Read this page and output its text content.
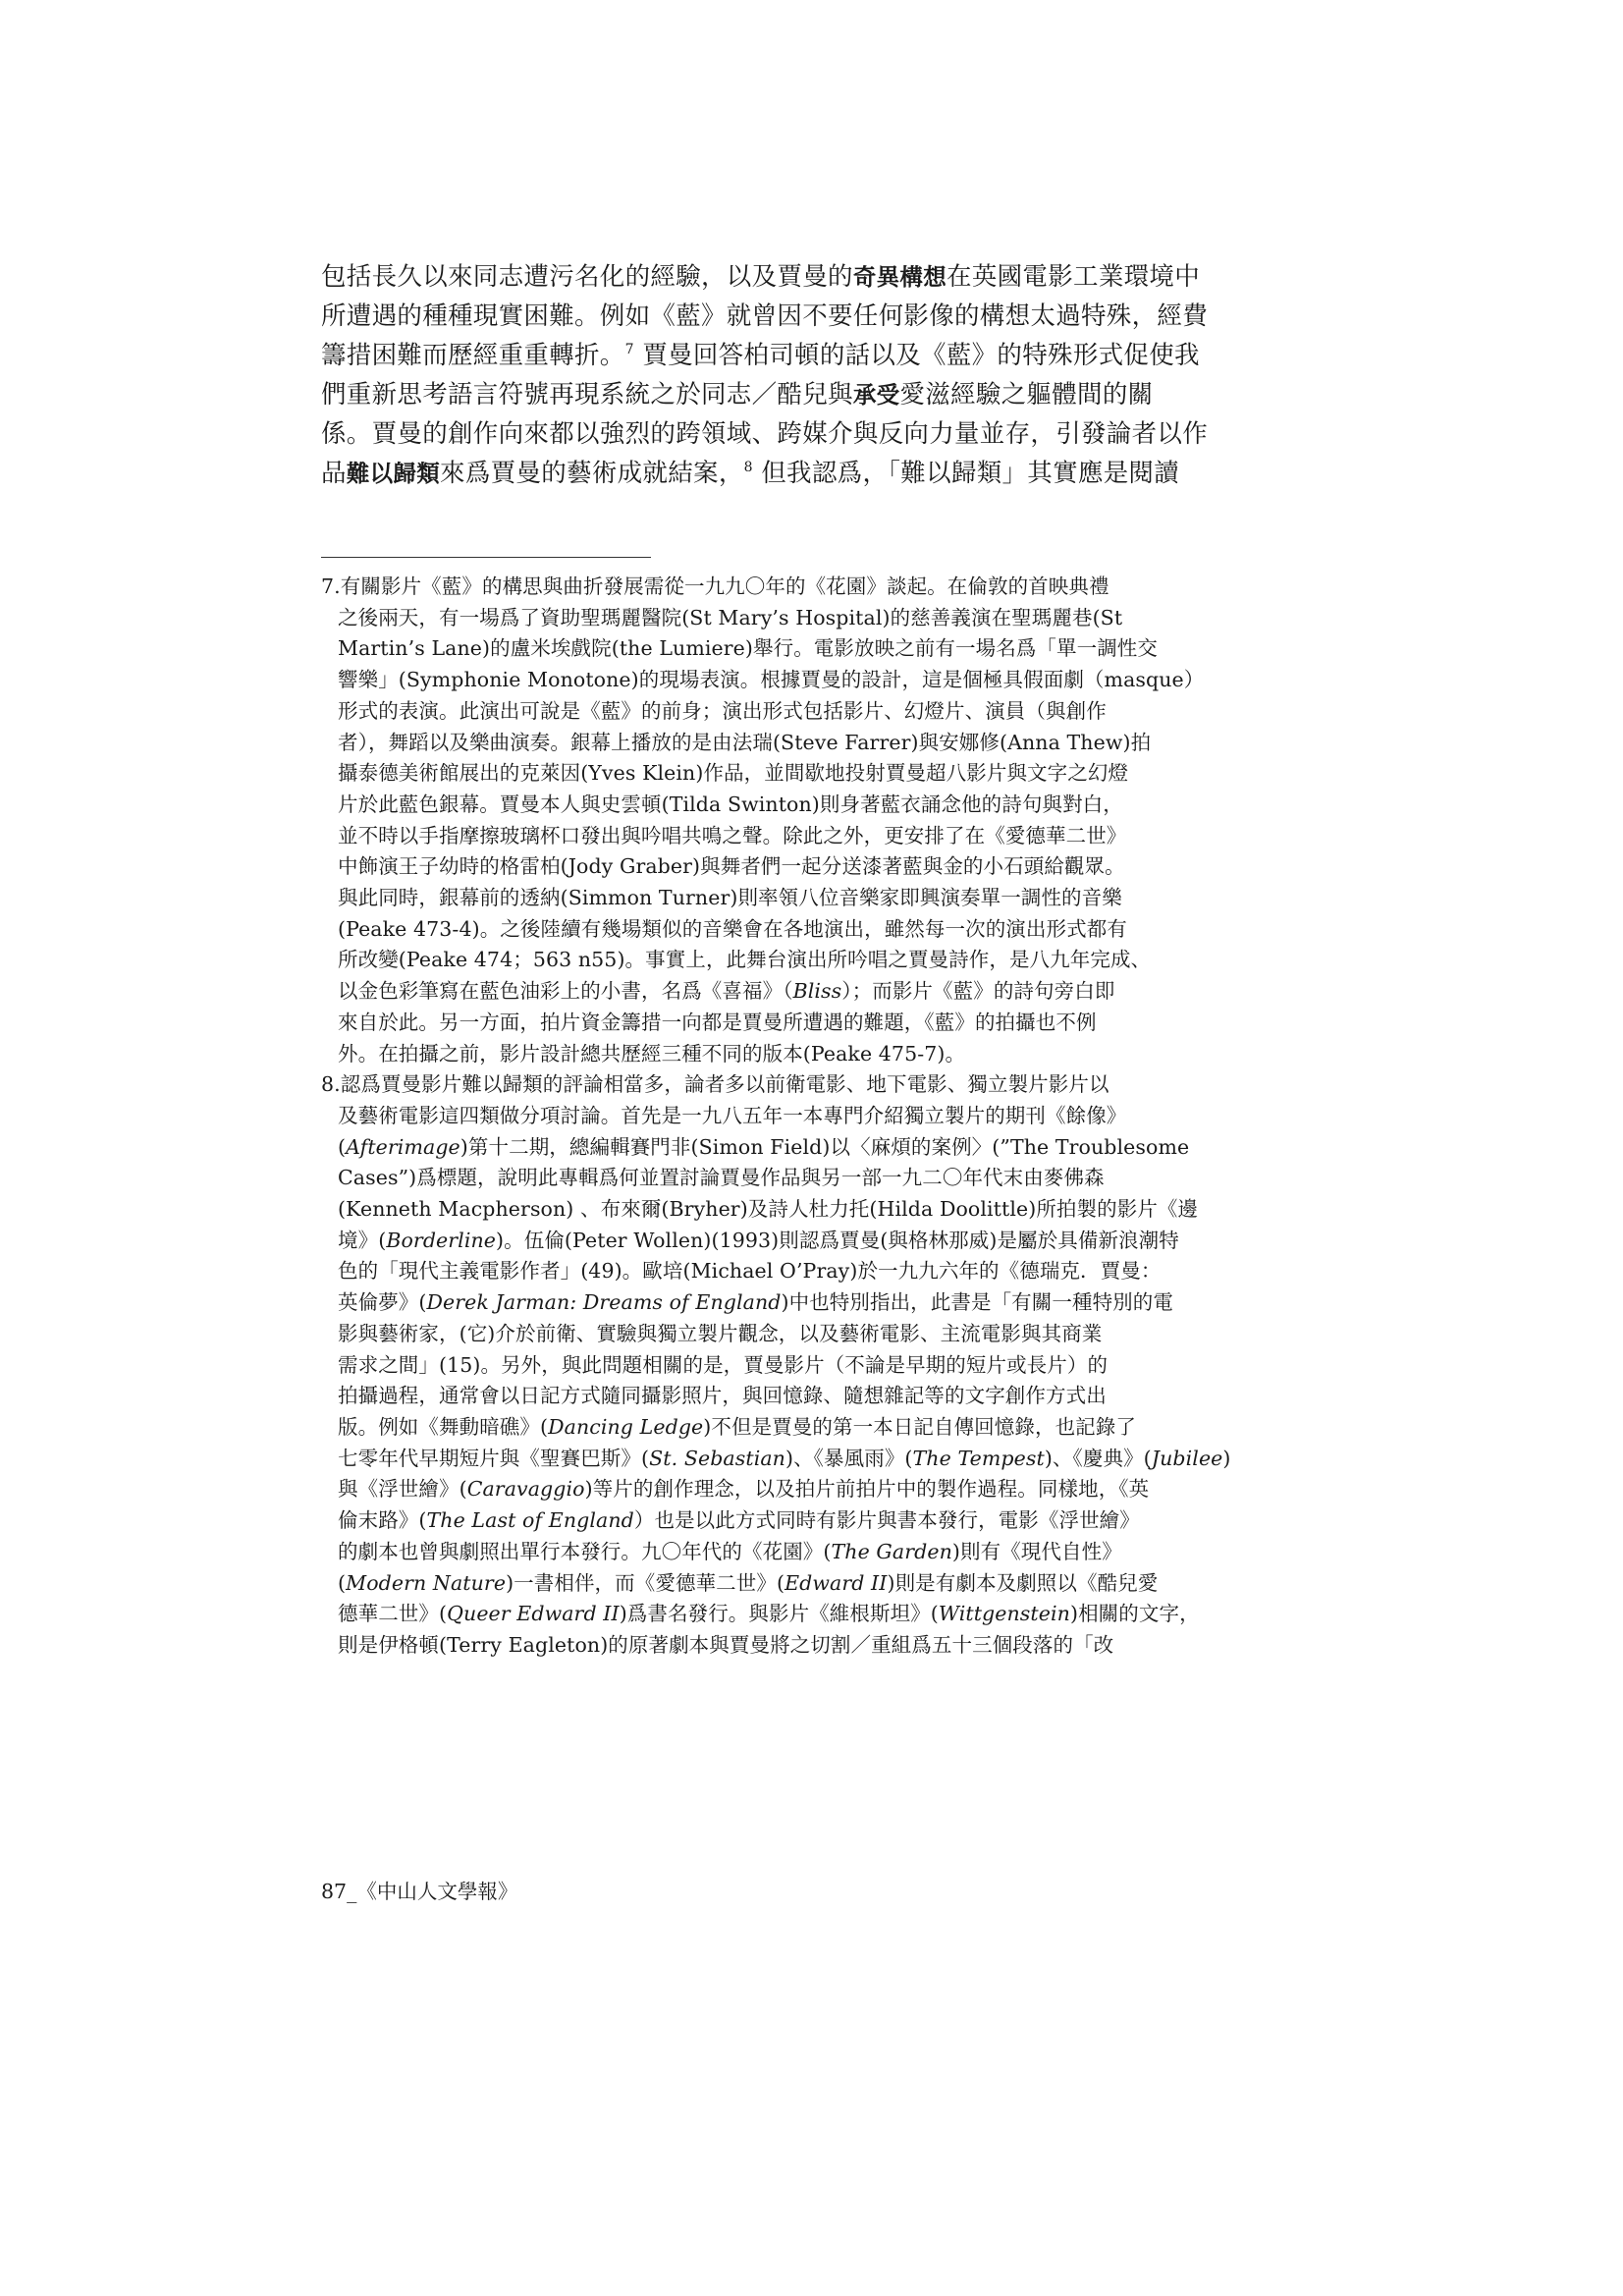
包括長久以來同志遭污名化的經驗，以及賈曼的奇異構想在英國電影工業環境中
所遭遇的種種現實困難。例如《藍》就曾因不要任何影像的構想太過特殊，經費
籌措困難而歷經重重轉折。$^7$ 賈曼回答柏司頓的話以及《藍》的特殊形式促使我
們重新思考語言符號再現系統之於同志／酷兒與承受愛滋經驗之軀體間的關
係。賈曼的創作向來都以強烈的跨領域、跨媒介與反向力量並存，引發論者以作
品難以歸類來爲賈曼的藝術成就結案，$^8$ 但我認爲，「難以歸類」其實應是閱讀
7.有關影片《藍》的構思與曲折發展需從一九九〇年的《花園》談起。在倫敦的首映典禮
之後兩天，有一場爲了資助聖瑪麗醫院(St Mary’s Hospital)的慈善義演在聖瑪麗巷(St
Martin’s Lane)的盧米埃戲院(the Lumiere)舉行。電影放映之前有一場名爲「單一調性交
響樂」(Symphonie Monotone)的現場表演。根據賈曼的設計，這是個極具假面劇（masque）
形式的表演。此演出可說是《藍》的前身；演出形式包括影片、幻燈片、演員（與創作
者），舞蹈以及樂曲演奏。銀幕上播放的是由法瑞(Steve Farrer)與安娜修(Anna Thew)拍
攝泰德美術館展出的克萊因(Yves Klein)作品，並間歇地投射賈曼超八影片與文字之幻燈
片於此藍色銀幕。賈曼本人與史雲頓(Tilda Swinton)則身著藍衣誦念他的詩句與對白，
並不時以手指摩擦玻璃杯口發出與吟唱共鳴之聲。除此之外，更安排了在《愛德華二世》
中飾演王子幼時的格雷柏(Jody Graber)與舞者們一起分送漆著藍與金的小石頭給觀眾。
與此同時，銀幕前的透納(Simmon Turner)則率領八位音樂家即興演奏單一調性的音樂
(Peake 473-4)。之後陸續有幾場類似的音樂會在各地演出，雖然每一次的演出形式都有
所改變(Peake 474；563 n55)。事實上，此舞台演出所吟唱之賈曼詩作，是八九年完成、
以金色彩筆寫在藍色油彩上的小書，名爲《喜福》（Bliss）；而影片《藍》的詩句旁白即
來自於此。另一方面，拍片資金籌措一向都是賈曼所遭遇的難題，《藍》的拍攝也不例
外。在拍攝之前，影片設計總共歷經三種不同的版本(Peake 475-7)。
8.認爲賈曼影片難以歸類的評論相當多，論者多以前衛電影、地下電影、獨立製片影片以
及藝術電影這四類做分項討論。首先是一九八五年一本專門介紹獨立製片的期刊《餘像》
(Afterimage)第十二期，總編輯賽門非(Simon Field)以〈麻煩的案例〉(”The Troublesome
Cases”)爲標題，說明此專輯爲何並置討論賈曼作品與另一部一九二〇年代末由麥佛森
(Kenneth Macpherson) 、布來爾(Bryher)及詩人杜力托(Hilda Doolittle)所拍製的影片《邊
境》(Borderline)。伍倫(Peter Wollen)(1993)則認爲賈曼(與格林那威)是屬於具備新浪潮特
色的「現代主義電影作者」(49)。歐培(Michael O’Pray)於一九九六年的《德瑞克．賈曼：
英倫夢》(Derek Jarman: Dreams of England)中也特別指出，此書是「有關一種特別的電
影與藝術家，(它)介於前衛、實驗與獨立製片觀念，以及藝術電影、主流電影與其商業
需求之間」(15)。另外，與此問題相關的是，賈曼影片（不論是早期的短片或長片）的
拍攝過程，通常會以日記方式隨同攝影照片，與回憶錄、隨想雜記等的文字創作方式出
版。例如《舞動暗礁》(Dancing Ledge)不但是賈曼的第一本日記自傳回憶錄，也記錄了
七零年代早期短片與《聖賽巴斯》(St. Sebastian)、《暴風雨》(The Tempest)、《慶典》(Jubilee)
與《浮世繪》(Caravaggio)等片的創作理念，以及拍片前拍片中的製作過程。同樣地，《英
倫末路》(The Last of England）也是以此方式同時有影片與書本發行，電影《浮世繪》
的劇本也曾與劇照出單行本發行。九〇年代的《花園》(The Garden)則有《現代自性》
(Modern Nature)一書相伴，而《愛德華二世》(Edward II)則是有劇本及劇照以《酷兒愛
德華二世》(Queer Edward II)爲書名發行。與影片《維根斯坦》(Wittgenstein)相關的文字，
則是伊格頓(Terry Eagleton)的原著劇本與賈曼將之切割／重組爲五十三個段落的「改
87_《中山人文學報》
